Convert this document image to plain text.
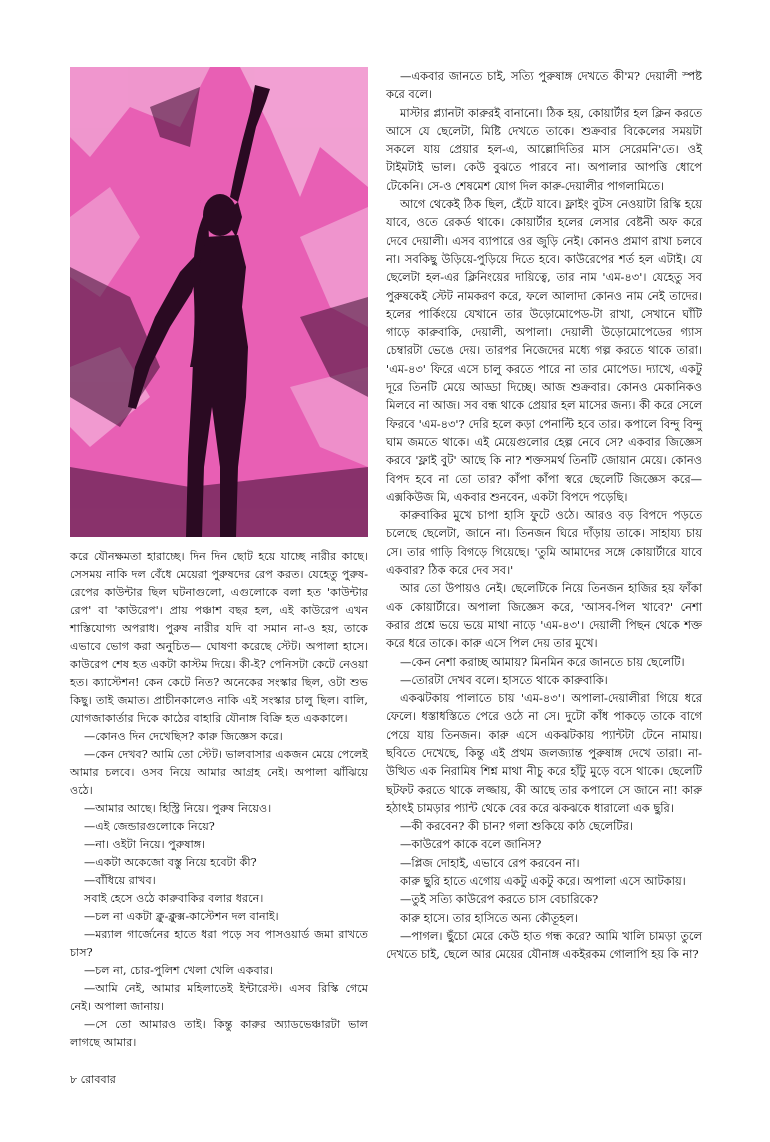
করে যৌনক্ষমতা হারাচ্ছে। দিন দিন ছোট হয়ে যাচ্ছে নারীর কাছে। সেসময় নাকি দল বেঁধে মেয়েরা পুরুষদের রেপ করত। যেহেতু পুরুষ-রেপের কাউন্টার ছিল ঘটনাগুলো, এগুলোকে বলা হত 'কাউন্টার রেপ' বা 'কাউরেপ'। প্রায় পঞ্চাশ বছর হল, এই কাউরেপ এখন শাস্তিযোগ্য অপরাধ। পুরুষ নারীর যদি বা সমান না-ও হয়, তাকে এভাবে ভোগ করা অনুচিত— ঘোষণা করেছে স্টেট। অপালা হাসে। কাউরেপ শেষ হত একটা কাস্টম দিয়ে। কী-ই? পেনিসটা কেটে নেওয়া হত। ক্যাস্টেশন! কেন কেটে নিত? অনেকের সংস্কার ছিল, ওটা শুভ কিছু। তাই জমাত। প্রাচীনকালেও নাকি এই সংস্কার চালু ছিল। বালি, যোগজাকার্তার দিকে কাঠের বাহারি যৌনাঙ্গ বিক্রি হত এককালে।

—কোনও দিন দেখেছিস? কারু জিজ্ঞেস করে।

—কেন দেখব? আমি তো স্টেট। ভালবাসার একজন মেয়ে পেলেই আমার চলবে। ওসব নিয়ে আমার আগ্রহ নেই। অপালা ঝাঁঝিয়ে ওঠে।

—আমার আছে। হিস্ট্রি নিয়ে। পুরুষ নিয়েও।

—এই জেন্ডারগুলোকে নিয়ে?

—না। ওইটা নিয়ে। পুরুষাঙ্গ।

—একটা অকেজো বস্তু নিয়ে হবেটা কী?

—বাঁধিয়ে রাখব।

সবাই হেসে ওঠে কারুবাকির বলার ধরনে।

—চল না একটা ক্লু-ক্লুক্স-কাস্টেশন দল বানাই।

—মর‍্যাল গার্জেনের হাতে ধরা পড়ে সব পাসওয়ার্ড জমা রাখতে চাস?

—চল না, চোর-পুলিশ খেলা খেলি একবার।

—আমি নেই, আমার মহিলাতেই ইন্টারেস্ট। এসব রিস্কি গেমে নেই। অপালা জানায়।

—সে তো আমারও তাই। কিন্তু কারুর অ্যাডভেঞ্চারটা ভাল লাগছে আমার।

—একবার জানতে চাই, সত্যি পুরুষাঙ্গ দেখতে কী'ম? দেয়ালী স্পষ্ট করে বলে।

মাস্টার প্ল্যানটা কারুরই বানানো। ঠিক হয়, কোয়ার্টার হল ক্লিন করতে আসে যে ছেলেটা, মিষ্টি দেখতে তাকে। শুক্রবার বিকেলের সময়টা সকলে যায় প্রেয়ার হল-এ, আল্লোদিতির মাস সেরেমনি'তে। ওই টাইমটাই ভাল। কেউ বুঝতে পারবে না। অপালার আপত্তি ধোপে টেকেনি। সে-ও শেষমেশ যোগ দিল কারু-দেয়ালীর পাগলামিতে।

আগে থেকেই ঠিক ছিল, হেঁটে যাবে। ফ্লাইং বুটস নেওয়াটা রিস্কি হয়ে যাবে, ওতে রেকর্ড থাকে। কোয়ার্টার হলের লেসার বেষ্টনী অফ করে দেবে দেয়ালী। এসব ব্যাপারে ওর জুড়ি নেই। কোনও প্রমাণ রাখা চলবে না। সবকিছু উড়িয়ে-পুড়িয়ে দিতে হবে। কাউরেপের শর্ত হল এটাই। যে ছেলেটা হল-এর ক্লিনিংয়ের দায়িত্বে, তার নাম 'এম-৪৩'। যেহেতু সব পুরুষকেই স্টেট নামকরণ করে, ফলে আলাদা কোনও নাম নেই তাদের। হলের পার্কিংয়ে যেখানে তার উড়োমোপেড-টা রাখা, সেখানে ঘাঁটি গাড়ে কারুবাকি, দেয়ালী, অপালা। দেয়ালী উড়োমোপেডের গ্যাস চেম্বারটা ভেঙে দেয়। তারপর নিজেদের মধ্যে গল্প করতে থাকে তারা। 'এম-৪৩' ফিরে এসে চালু করতে পারে না তার মোপেড। দ্যাখে, একটু দূরে তিনটি মেয়ে আড্ডা দিচ্ছে। আজ শুক্রবার। কোনও মেকানিকও মিলবে না আজ। সব বন্ধ থাকে প্রেয়ার হল মাসের জন্য। কী করে সেলে ফিরবে 'এম-৪৩'? দেরি হলে কড়া পেনাল্টি হবে তার। কপালে বিন্দু বিন্দু ঘাম জমতে থাকে। এই মেয়েগুলোর হেল্প নেবে সে? একবার জিজ্ঞেস করবে 'ফ্লাই বুট' আছে কি না? শক্তসমর্থ তিনটি জোয়ান মেয়ে। কোনও বিপদ হবে না তো তার? কাঁপা কাঁপা স্বরে ছেলেটি জিজ্ঞেস করে— এক্সকিউজ মি, একবার শুনবেন, একটা বিপদে পড়েছি।

কারুবাকির মুখে চাপা হাসি ফুটে ওঠে। আরও বড় বিপদে পড়তে চলেছে ছেলেটা, জানে না। তিনজন ঘিরে দাঁড়ায় তাকে। সাহায্য চায় সে। তার গাড়ি বিগড়ে গিয়েছে। 'তুমি আমাদের সঙ্গে কোয়ার্টারে যাবে একবার? ঠিক করে দেব সব।'

আর তো উপায়ও নেই। ছেলেটিকে নিয়ে তিনজন হাজির হয় ফাঁকা এক কোয়ার্টারে। অপালা জিজ্ঞেস করে, 'আসব-পিল খাবে?' নেশা করার প্রশ্নে ভয়ে ভয়ে মাথা নাড়ে 'এম-৪৩'। দেয়ালী পিছন থেকে শক্ত করে ধরে তাকে। কারু এসে পিল দেয় তার মুখে।

—কেন নেশা করাচ্ছ আমায়? মিনমিন করে জানতে চায় ছেলেটি।

—তোরটা দেখব বলে। হাসতে থাকে কারুবাকি।

একঝটকায় পালাতে চায় 'এম-৪৩'। অপালা-দেয়ালীরা গিয়ে ধরে ফেলে। ধস্তাধস্তিতে পেরে ওঠে না সে। দুটো কাঁধ পাকড়ে তাকে বাগে পেয়ে যায় তিনজন। কারু এসে একঝটকায় প্যান্টটা টেনে নামায়। ছবিতে দেখেছে, কিন্তু এই প্রথম জলজ্যান্ত পুরুষাঙ্গ দেখে তারা। না-উত্থিত এক নিরামিষ শিশ্ন মাথা নীচু করে হাঁটু মুড়ে বসে থাকে। ছেলেটি ছটফট করতে থাকে লজ্জায়, কী আছে তার কপালে সে জানে না! কারু হঠাৎই চামড়ার প্যান্ট থেকে বের করে ঝকঝকে ধারালো এক ছুরি।

—কী করবেন? কী চান? গলা শুকিয়ে কাঠ ছেলেটির।

—কাউরেপ কাকে বলে জানিস?

—প্লিজ দোহাই, এভাবে রেপ করবেন না।

কারু ছুরি হাতে এগোয় একটু একটু করে। অপালা এসে আটকায়।

—তুই সত্যি কাউরেপ করতে চাস বেচারিকে?

কারু হাসে। তার হাসিতে অন্য কৌতূহল।

—পাগল। ছুঁচো মেরে কেউ হাত গন্ধ করে? আমি খালি চামড়া তুলে দেখতে চাই, ছেলে আর মেয়ের যৌনাঙ্গ একইরকম গোলাপি হয় কি না?

৮ রোববার
